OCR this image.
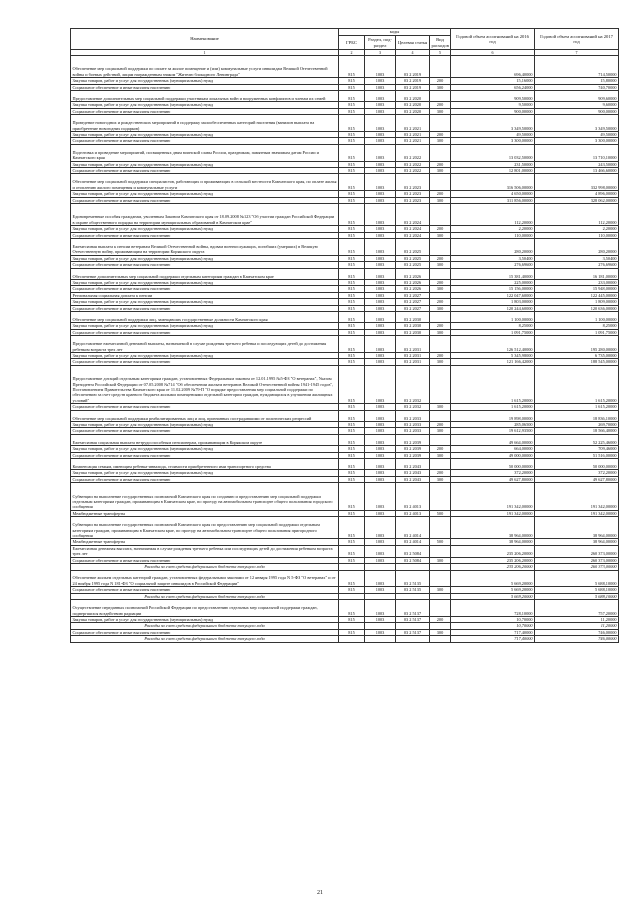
Наименование	коды				Годовой объем ассигнований на 2016 год	Годовой объем ассигнований на 2017 год
	ГРБС	Раздел, под-раздел	Целевая статья	Вид расходов		
1	2	3	4	5	6	7
Обеспечение мер социальной поддержки по оплате за жилое помещение и (или) коммунальные услуги инвалидам Великой Отечественной войны и боевых действий, лицам награжденным знаком "Жителю блокадного Ленинграда"	815	1003	03 2 2019		696,40000	714,50000
Закупка товаров, работ и услуг для государственных (муниципальных) нужд	815	1003	03 2 2019	200	15,16000	15,80000
Социальное обеспечение и иные выплаты населению	815	1003	03 2 2019	300	656,24000	740,70000
Предоставление дополнительных мер социальной поддержки участникам локальных войн и вооруженных конфликтов и членам их семей	815	1003	03 2 2020		909,50000	909,60000
Закупка товаров, работ и услуг для государственных (муниципальных) нужд	815	1003	03 2 2020	200	9,50000	9,60000
Социальное обеспечение и иные выплаты населению	815	1003	03 2 2020	300	900,00000	900,00000
Проведение новогодних и рождественских мероприятий в поддержку малообеспеченных категорий населения (ванилин выплата на приобретение новогодних подарков)	815	1003	03 2 2021		3 349,50000	3 349,50000
Закупка товаров, работ и услуг для государственных (муниципальных) нужд	815	1003	03 2 2021	200	49,50000	49,50000
Социальное обеспечение и иные выплаты населению	815	1003	03 2 2021	300	3 300,00000	3 300,00000
Подготовка и проведение мероприятий, посвященных дням воинской славы России, праздникам, памятным значимым датам России и Камчатского края	815	1003	03 2 2022		13 032,50000	13 710,10000
Закупка товаров, работ и услуг для государственных (муниципальных) нужд	815	1003	03 2 2022	200	231,50000	243,50000
Социальное обеспечение и иные выплаты населению	815	1003	03 2 2022	300	12 801,00000	13 466,60000
Обеспечение мер социальной поддержки специалистов, работающих и проживающих в сельской местности Камчатского края, по оплате жилья и отоплению жилого помещения и коммунальные услуги	815	1003	03 2 2023		316 506,00000	332 998,00000
Закупка товаров, работ и услуг для государственных (муниципальных) нужд	815	1003	03 2 2023	200	4 650,00000	4 896,00000
Социальное обеспечение и иные выплаты населению	815	1003	03 2 2023	300	311 856,00000	328 062,00000
Единовременные пособия гражданам, уволенным Законом Камчатского края от 18.09.2008 №123 "Об участии граждан Российской Федерации в охране общественного порядка на территории муниципальных образований в Камчатском крае"	815	1003	03 2 2024		112,20000	112,20000
Закупка товаров, работ и услуг для государственных (муниципальных) нужд	815	1003	03 2 2024	200	2,20000	2,20000
Социальное обеспечение и иные выплаты населению	815	1003	03 2 2024	300	110,00000	110,00000
Ежемесячная выплата к пенсии ветеранам Великой Отечественной войны, вдовам военнослужащих, погибших (умерших) в Великую Отечественную войну, проживающим на территории Корякского округа	815	1003	03 2 2025		280,20000	280,20000
Закупка товаров, работ и услуг для государственных (муниципальных) нужд	815	1003	03 2 2025	200	3,50400	3,50400
Социальное обеспечение и иные выплаты населению	815	1003	03 2 2025	300	276,69600	276,69600
Обеспечение дополнительных мер социальной поддержки отдельным категориям граждан в Камчатском крае	815	1003	03 2 2026		15 381,40000	16 181,00000
Закупка товаров, работ и услуг для государственных (муниципальных) нужд	815	1003	03 2 2026	200	225,00000	233,00000
Социальное обеспечение и иные выплаты населению	815	1003	03 2 2026	300	15 156,00000	15 948,00000
Региональная социальная доплата к пенсии	815	1003	03 2 2027		122 047,60000	122 445,00000
Закупка товаров, работ и услуг для государственных (муниципальных) нужд	815	1003	03 2 2027	200	1 803,00000	1 809,00000
Социальное обеспечение и иные выплаты населению	815	1003	03 2 2027	300	120 244,60000	120 636,00000
Обеспечение мер социальной поддержки лиц, замещавших государственные должности Камчатского края	815	1003	03 2 2030		1 100,00000	1 100,00000
Закупка товаров, работ и услуг для государственных (муниципальных) нужд	815	1003	03 2 2030	200	8,25000	8,25000
Социальное обеспечение и иные выплаты населению	815	1003	03 2 2030	300	1 091,75000	1 091,75000
Предоставление ежемесячной денежной выплаты, назначаемой в случае рождения третьего ребенка и последующих детей до достижения ребенком возраста трех лет	815	1003	03 2 2031		126 512,40000	195 280,00000
Закупка товаров, работ и услуг для государственных (муниципальных) нужд	815	1003	03 2 2031	200	5 345,98000	6 735,00000
Социальное обеспечение и иные выплаты населению	815	1003	03 2 2031	300	121 166,42000	188 545,00000
Предоставление дотаций отдельным категориям граждан, установленных Федеральным законом от 12.01.1995 №5-ФЗ "О ветеранах", Указом Президента Российской Федерации от 07.05.2008 №714 "Об обеспечении жильем ветеранов Великой Отечественной войны 1941-1945 годов", Постановлением Правительства Камчатского края от 11.02.2009 №79-П "О порядке предоставления мер социальной поддержки по обеспечению за счет средств краевого бюджета жилыми помещениями отдельной категории граждан, нуждающихся в улучшении жилищных условий"	815	1003	03 2 2032		1 615,20000	1 615,20000
Социальное обеспечение и иные выплаты населению	815	1003	03 2 2032	300	1 615,20000	1 615,20000
Обеспечение мер социальной поддержки реабилитированных лиц и лиц, признанных пострадавшими от политических репрессий	815	1003	03 2 2033		19 898,00000	18 836,10000
Закупка товаров, работ и услуг для государственных (муниципальных) нужд	815	1003	03 2 2033	200	285,06500	269,70000
Социальное обеспечение и иные выплаты населению	815	1003	03 2 2033	300	19 612,93500	18 566,40000
Ежемесячная социальная выплата нетрудоспособным пенсионерам, проживающим в Корякском округе	815	1003	03 2 2039		49 664,00000	52 225,46000
Закупка товаров, работ и услуг для государственных (муниципальных) нужд	815	1003	03 2 2039	200	664,00000	709,46000
Социальное обеспечение и иные выплаты населению	815	1003	03 2 2039	300	49 000,00000	51 516,00000
Компенсация семьям, имеющим ребенка-инвалида, стоимости приобретенного ими транспортного средства	815	1003	03 2 2043		50 000,00000	50 000,00000
Закупка товаров, работ и услуг для государственных (муниципальных) нужд	815	1003	03 2 2043	200	372,20000	372,20000
Социальное обеспечение и иные выплаты населению	815	1003	03 2 2043	300	49 627,80000	49 627,80000
Субвенции на выполнение государственных полномочий Камчатского края по созданию и предоставлению мер социальной поддержки отдельным категориям граждан, проживающим в Камчатском крае, по проезду на автомобильном транспорте общего пользования городского сообщения	815	1003	03 2 4013		191 342,00000	191 342,00000
Межбюджетные трансферты	815	1003	03 2 4013	500	191 342,00000	191 342,00000
Субвенции на выполнение государственных полномочий Камчатского края по предоставлению мер социальной поддержки отдельным категориям граждан, проживающим в Камчатском крае, по проезду на автомобильном транспорте общего пользования пригородного сообщения	815	1003	03 2 4014		38 964,00000	38 964,00000
Межбюджетные трансферты	815	1003	03 2 4014	500	38 964,00000	38 964,00000
Ежемесячная денежная выплата, назначаемая в случае рождения третьего ребенка или последующих детей до достижения ребенком возраста трех лет	815	1003	03 2 5084		235 206,20000	260 373,00000
Социальное обеспечение и иные выплаты населению	815	1003	03 2 5084	300	235 206,20000	260 373,00000
Расходы за счет средств федерального бюджета текущего года					235 206,20000	260 373,00000
Обеспечение жильем отдельных категорий граждан, установленных федеральными законами от 12 января 1995 года N 5-ФЗ "О ветеранах" и от 24 ноября 1995 года N 181-ФЗ "О социальной защите инвалидов в Российской Федерации"	815	1003	03 2 5135		5 669,20000	5 688,10000
Социальное обеспечение и иные выплаты населению	815	1003	03 2 5135	300	5 669,20000	5 688,10000
Расходы за счет средств федерального бюджета текущего года					5 669,20000	5 688,10000
Осуществление переданных полномочий Российской Федерации по предоставлению отдельных мер социальной поддержки граждан, подвергшихся воздействию радиации	815	1003	03 2 5137		728,10000	757,20000
Закупка товаров, работ и услуг для государственных (муниципальных) нужд	815	1003	03 2 5137	200	10,70000	11,20000
Расходы за счет средств федерального бюджета текущего года					10,70000	11,20000
Социальное обеспечение и иные выплаты населению	815	1003	03 2 5137	300	717,40000	746,00000
Расходы за счет средств федерального бюджета текущего года					717,40000	746,00000
21
